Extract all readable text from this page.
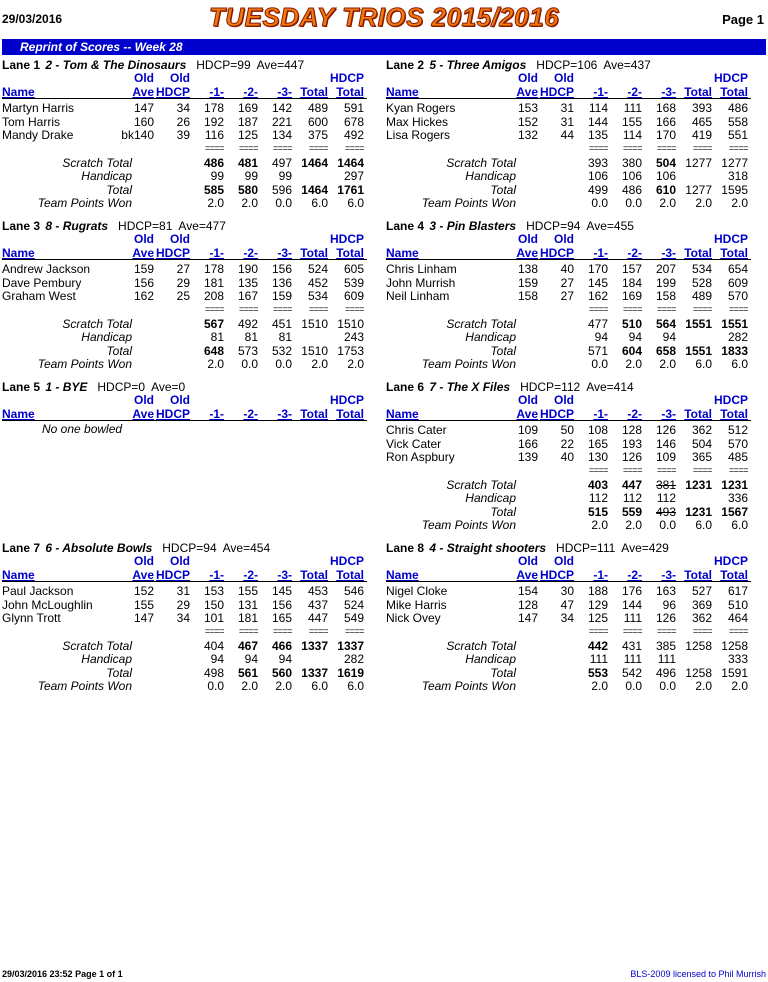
29/03/2016	TUESDAY TRIOS 2015/2016	Page 1
Reprint of Scores -- Week 28
Lane 1 2 - Tom & The Dinosaurs HDCP=99 Ave=447
Old Old	HDCP
Name	Ave HDCP -1- -2- -3- Total Total
Martyn Harris	147 34 178 169 142 489 591
Tom Harris	160 26 192 187 221 600 678
Mandy Drake	bk140 39 116 125 134 375 492
==== ==== ==== ==== ====
Scratch Total	486 481 497 1464 1464
Handicap	99 99 99	297
Total	585 580 596 1464 1761
Team Points Won	2.0 2.0 0.0 6.0 6.0
Lane 2 5 - Three Amigos HDCP=106 Ave=437
Old Old	HDCP
Name	Ave HDCP -1- -2- -3- Total Total
Kyan Rogers	153 31 114 111 168 393 486
Max Hickes	152 31 144 155 166 465 558
Lisa Rogers	132 44 135 114 170 419 551
==== ==== ==== ==== ====
Scratch Total	393 380 504 1277 1277
Handicap	106 106 106	318
Total	499 486 610 1277 1595
Team Points Won	0.0 0.0 2.0 2.0 2.0
Lane 3 8 - Rugrats HDCP=81 Ave=477
Old Old	HDCP
Name	Ave HDCP -1- -2- -3- Total Total
Andrew Jackson	159 27 178 190 156 524 605
Dave Pembury	156 29 181 135 136 452 539
Graham West	162 25 208 167 159 534 609
==== ==== ==== ==== ====
Scratch Total	567 492 451 1510 1510
Handicap	81 81 81	243
Total	648 573 532 1510 1753
Team Points Won	2.0 0.0 0.0 2.0 2.0
Lane 4 3 - Pin Blasters HDCP=94 Ave=455
Old Old	HDCP
Name	Ave HDCP -1- -2- -3- Total Total
Chris Linham	138 40 170 157 207 534 654
John Murrish	159 27 145 184 199 528 609
Neil Linham	158 27 162 169 158 489 570
==== ==== ==== ==== ====
Scratch Total	477 510 564 1551 1551
Handicap	94 94 94	282
Total	571 604 658 1551 1833
Team Points Won	0.0 2.0 2.0 6.0 6.0
Lane 5 1 - BYE HDCP=0 Ave=0
Old Old	HDCP
Name	Ave HDCP -1- -2- -3- Total Total
No one bowled
Lane 6 7 - The X Files HDCP=112 Ave=414
Old Old	HDCP
Name	Ave HDCP -1- -2- -3- Total Total
Chris Cater	109 50 108 128 126 362 512
Vick Cater	166 22 165 193 146 504 570
Ron Aspbury	139 40 130 126 109 365 485
==== ==== ==== ==== ====
Scratch Total	403 447 381 1231 1231
Handicap	112 112 112	336
Total	515 559 493 1231 1567
Team Points Won	2.0 2.0 0.0 6.0 6.0
Lane 7 6 - Absolute Bowls HDCP=94 Ave=454
Old Old	HDCP
Name	Ave HDCP -1- -2- -3- Total Total
Paul Jackson	152 31 153 155 145 453 546
John McLoughlin	155 29 150 131 156 437 524
Glynn Trott	147 34 101 181 165 447 549
==== ==== ==== ==== ====
Scratch Total	404 467 466 1337 1337
Handicap	94 94 94	282
Total	498 561 560 1337 1619
Team Points Won	0.0 2.0 2.0 6.0 6.0
Lane 8 4 - Straight shooters HDCP=111 Ave=429
Old Old	HDCP
Name	Ave HDCP -1- -2- -3- Total Total
Nigel Cloke	154 30 188 176 163 527 617
Mike Harris	128 47 129 144 96 369 510
Nick Ovey	147 34 125 111 126 362 464
==== ==== ==== ==== ====
Scratch Total	442 431 385 1258 1258
Handicap	111 111 111	333
Total	553 542 496 1258 1591
Team Points Won	2.0 0.0 0.0 2.0 2.0
29/03/2016 23:52 Page 1 of 1	BLS-2009 licensed to Phil Murrish
